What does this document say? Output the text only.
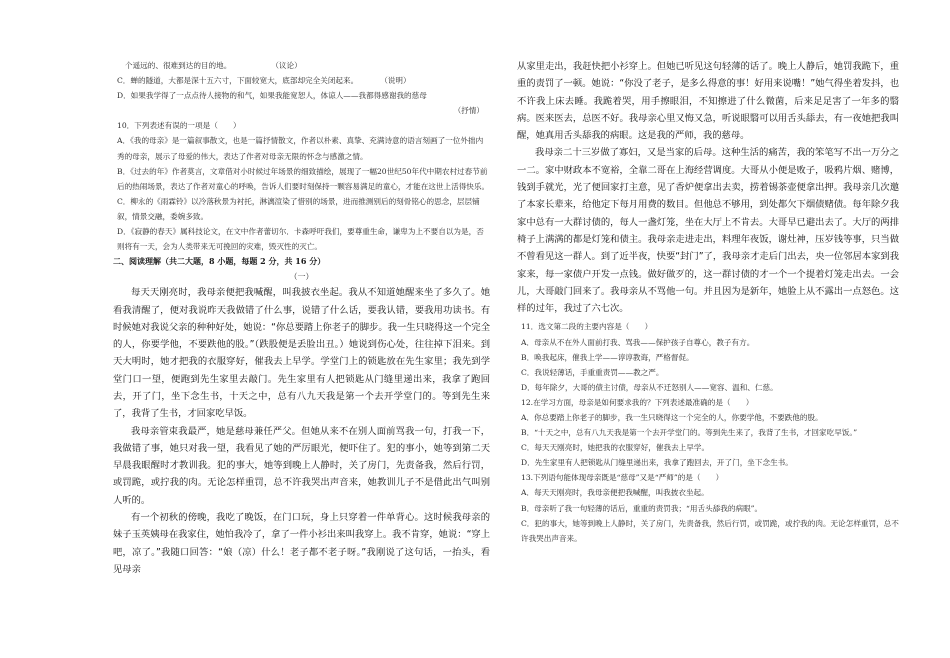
个遥远的、很难到达的目的地。	（议论）

C．蝉的隧道，大都是深十五六寸，下面较宽大，底部却完全关闭起来。	（说明）

D．如果我学得了一点点待人接物的和气，如果我能宽恕人，体谅人——我都得感谢我的慈母

（抒情）

10．下列表述有误的一项是（　　）

A．《我的母亲》是一篇叙事散文，也是一篇抒情散文，作者以朴素、真挚、充满诗意的语言刻画了一位外拙内秀的母亲，展示了母爱的伟大，表达了作者对母亲无限的怀念与感激之情。

B．《过去的年》作者莫言，文章借对小时候过年场景的细致描绘，展现了一幅20世纪50年代中期农村过春节前后的热闹场景，表达了作者对童心的呼唤，告诉人们要时刻保持一颗容易满足的童心，才能在这世上活得快乐。

C．柳永的《雨霖铃》以冷落秋景为衬托，淋漓渲染了惜别的场景，进而推测别后的刻骨铭心的思念，层层铺叙，情景交融，委婉多致。

D．《寂静的春天》属科技论文，在文中作者蕾切尔．卡森呼吁我们，要尊重生命，谦卑为上不要自以为是，否则将有一天，会为人类带来无可挽回的灾难，毁灭性的灭亡。

二、阅读理解（共二大题，8 小题，每题 2 分，共 16 分）

（一）

每天天刚亮时，我母亲便把我喊醒，叫我披衣坐起。我从不知道她醒来坐了多久了。她看我清醒了，便对我说昨天我做错了什么事，说错了什么话，要我认错，要我用功读书。有时候她对我说父亲的种种好处，她说：“你总要踏上你老子的脚步。我一生只晓得这一个完全的人，你要学他，不要跌他的股。”（跌股便是丢脸出丑。）她说到伤心处，往往掉下泪来。到天大明时，她才把我的衣服穿好，催我去上早学。学堂门上的锁匙放在先生家里；我先到学堂门口一望，便跑到先生家里去敲门。先生家里有人把锁匙从门缝里递出来，我拿了跑回去，开了门，坐下念生书，十天之中，总有八九天我是第一个去开学堂门的。等到先生来了，我背了生书，才回家吃早饭。

我母亲管束我最严，她是慈母兼任严父。但她从来不在别人面前骂我一句，打我一下，我做错了事，她只对我一望，我看见了她的严厉眼光，便吓住了。犯的事小，她等到第二天早晨我眼醒时才教训我。犯的事大，她等到晚上人静时，关了房门，先责备我，然后行罚，或罚跪，或拧我的肉。无论怎样重罚，总不许我哭出声音来，她教训儿子不是借此出气叫别人听的。

有一个初秋的傍晚，我吃了晚饭，在门口玩，身上只穿着一件单背心。这时候我母亲的妹子玉英姨母在我家住，她怕我冷了，拿了一件小衫出来叫我穿上。我不肯穿，她说：“穿上吧，凉了。”我随口回答：“娘（凉）什么！老子都不老子呀。”我刚说了这句话，一抬头，看见母亲

从家里走出，我赶快把小衫穿上。但她已听见这句轻薄的话了。晚上人静后，她罚我跪下，重重的责罚了一顿。她说：“你没了老子，是多么得意的事！好用来说嘴！”她气得坐着发抖，也不许我上床去睡。我跪着哭，用手擦眼泪，不知擦进了什么微菌，后来足足害了一年多的翳病。医来医去，总医不好。我母亲心里又悔又急，听说眼翳可以用舌头舔去，有一夜她把我叫醒，她真用舌头舔我的病眼。这是我的严师，我的慈母。

我母亲二十三岁做了寡妇，又是当家的后母。这种生活的痛苦，我的笨笔写不出一万分之一二。家中财政本不宽裕，全靠二哥在上海经营调度。大哥从小便是败子，吸鸦片烟、赌博，钱到手就光，光了便回家打主意，见了香炉便拿出去卖，捞着锡茶壶便拿出押。我母亲几次邀了本家长辈来，给他定下每月用费的数目。但他总不够用，到处都欠下烟债赌债。每年除夕我家中总有一大群讨债的，每人一盏灯笼，坐在大厅上不肯去。大哥早已避出去了。大厅的两排椅子上满满的都是灯笼和债主。我母亲走进走出，料理年夜饭，谢灶神，压岁钱等事，只当做不曾看见这一群人。到了近半夜，快要“封门”了，我母亲才走后门出去，央一位邻居本家到我家来，每一家债户开发一点钱。做好做歹的，这一群讨债的才一个一个提着灯笼走出去。一会儿，大哥敲门回来了。我母亲从不骂他一句。并且因为是新年，她脸上从不露出一点怒色。这样的过年，我过了六七次。

11．选文第二段的主要内容是（　　）

A．母亲从不在外人面前打我、骂我——保护孩子自尊心，教子有方。

B．唤我起床，催我上学——谆谆教诲，严格督促。

C．我说轻薄话，手重重责罚——教之严。

D．每年除夕，大哥的债主讨债，母亲从不迁怒别人——宽容、温和、仁慈。

12.在学习方面，母亲是如何要求我的？下列表述最准确的是（　　）

A．你总要踏上你老子的脚步，我一生只晓得这一个完全的人，你要学他，不要跌他的股。

B．“十天之中，总有八九天我是第一个去开学堂门的。等到先生来了，我背了生书，才回家吃早饭。”

C．每天天刚亮时，她把我的衣服穿好，催我去上早学。

D．先生家里有人把锁匙从门缝里递出来，我拿了跑回去，开了门，坐下念生书。

13.下列语句能体现母亲既是“慈母”又是“严师”的是（　　）

A．每天天刚亮时，我母亲便把我喊醒，叫我披衣坐起。

B．母亲听了我一句轻薄的话后，重重的责罚我；“用舌头舔我的病眼”。

C．犯的事大，她等到晚上人静时，关了房门，先责备我，然后行罚，或罚跪，或拧我的肉。无论怎样重罚，总不许我哭出声音来。
